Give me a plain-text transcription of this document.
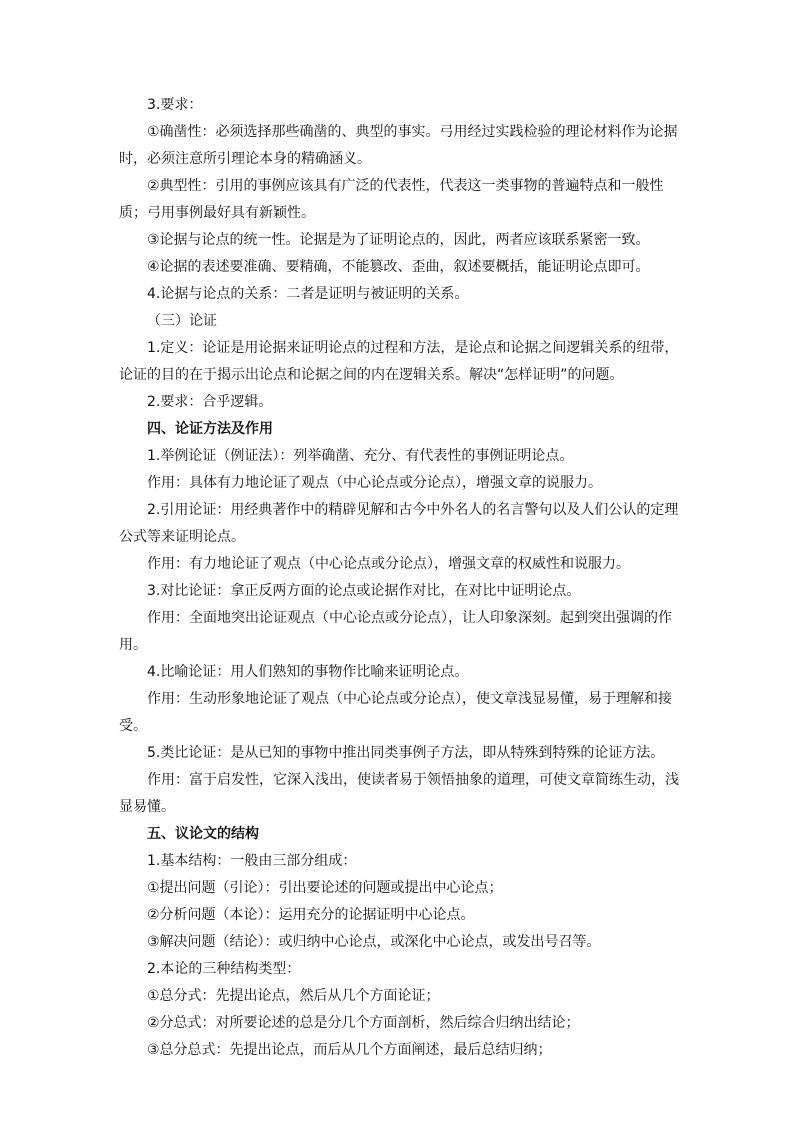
3.要求：

①确凿性：必须选择那些确凿的、典型的事实。弓用经过实践检验的理论材料作为论据时，必须注意所引理论本身的精确涵义。

②典型性：引用的事例应该具有广泛的代表性，代表这一类事物的普遍特点和一般性质；弓用事例最好具有新颖性。

③论据与论点的统一性。论据是为了证明论点的，因此，两者应该联系紧密一致。

④论据的表述要准确、要精确，不能篡改、歪曲，叙述要概括，能证明论点即可。

4.论据与论点的关系：二者是证明与被证明的关系。

（三）论证

1.定义：论证是用论据来证明论点的过程和方法，是论点和论据之间逻辑关系的纽带，论证的目的在于揭示出论点和论据之间的内在逻辑关系。解决“怎样证明”的问题。

2.要求：合乎逻辑。

四、论证方法及作用

1.举例论证（例证法）：列举确凿、充分、有代表性的事例证明论点。

作用：具体有力地论证了观点（中心论点或分论点），增强文章的说服力。

2.引用论证：用经典著作中的精辟见解和古今中外名人的名言警句以及人们公认的定理公式等来证明论点。

作用：有力地论证了观点（中心论点或分论点），增强文章的权威性和说服力。

3.对比论证：拿正反两方面的论点或论据作对比，在对比中证明论点。

作用：全面地突出论证观点（中心论点或分论点），让人印象深刻。起到突出强调的作用。

4.比喻论证：用人们熟知的事物作比喻来证明论点。

作用：生动形象地论证了观点（中心论点或分论点），使文章浅显易懂，易于理解和接受。

5.类比论证：是从已知的事物中推出同类事例子方法，即从特殊到特殊的论证方法。

作用：富于启发性，它深入浅出，使读者易于领悟抽象的道理，可使文章简练生动，浅显易懂。

五、议论文的结构

1.基本结构：一般由三部分组成：

①提出问题（引论）：引出要论述的问题或提出中心论点；

②分析问题（本论）：运用充分的论据证明中心论点。

③解决问题（结论）：或归纳中心论点，或深化中心论点，或发出号召等。

2.本论的三种结构类型：

①总分式：先提出论点，然后从几个方面论证；

②分总式：对所要论述的总是分几个方面剖析，然后综合归纳出结论；

③总分总式：先提出论点，而后从几个方面阐述，最后总结归纳；
